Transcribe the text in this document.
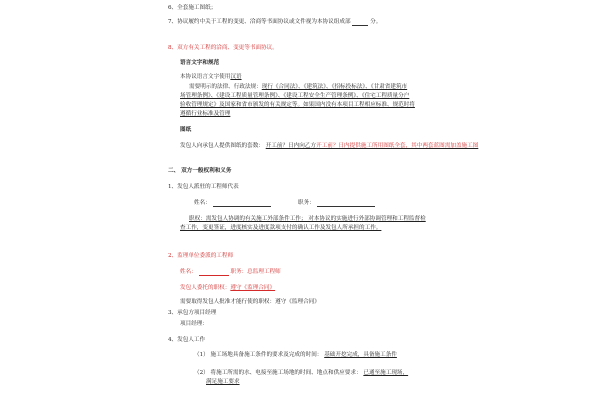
6、全套施工图纸；
7、协议履约中关于工程的变更、洽商等书面协议或文件视为本协议组成部	分。
8、双方有关工程的洽商、变更等书面协议。
语言文字和规范
本协议语言文字使用汉语
需要明示的法律、行政法规：现行《合同法》、《建筑法》、《招标投标法》、《甘肃省建筑市
场管理条例》、《建设工程质量管理条例》、《建设工程安全生产管理条例》、《住宅工程质量分户
验收管理规定》及国家和省市颁发的有关规定等。如果国内没有本项目工程相应标准、规范时将
遵循行业标准及管理
图纸
发包人向承包人提供图纸的套数： 开工前？日内向乙方开工前？日内提供施工所用图纸全套，其中两套蓝图需加盖施工图
二、 双方一般权利和义务
1、发包人派驻的工程师代表
姓名：	职务：
职权：需发包人协调的有关施工外部条件工作； 对本协议的实施进行外部协调管理和工程监督检
查工作，变更签证，进度核实及进度款项支付的确认工作及发包人所承担的工作。
2、监理单位委派的工程师
姓名：	职务：总监理工程师
发包人委托的职权：遵守《监理合同》
需要取得发包人批准才能行使的职权：遵守《监理合同》
3、承包方项目经理
项目经理：
4、发包人工作
（1） 施工场地具备施工条件的要求及完成的时间： 基础开挖完成，具备施工条件
（2） 将施工所需的水、电接至施工场地的时间、地点和供应要求： 已通至施工现场，
满足施工要求
